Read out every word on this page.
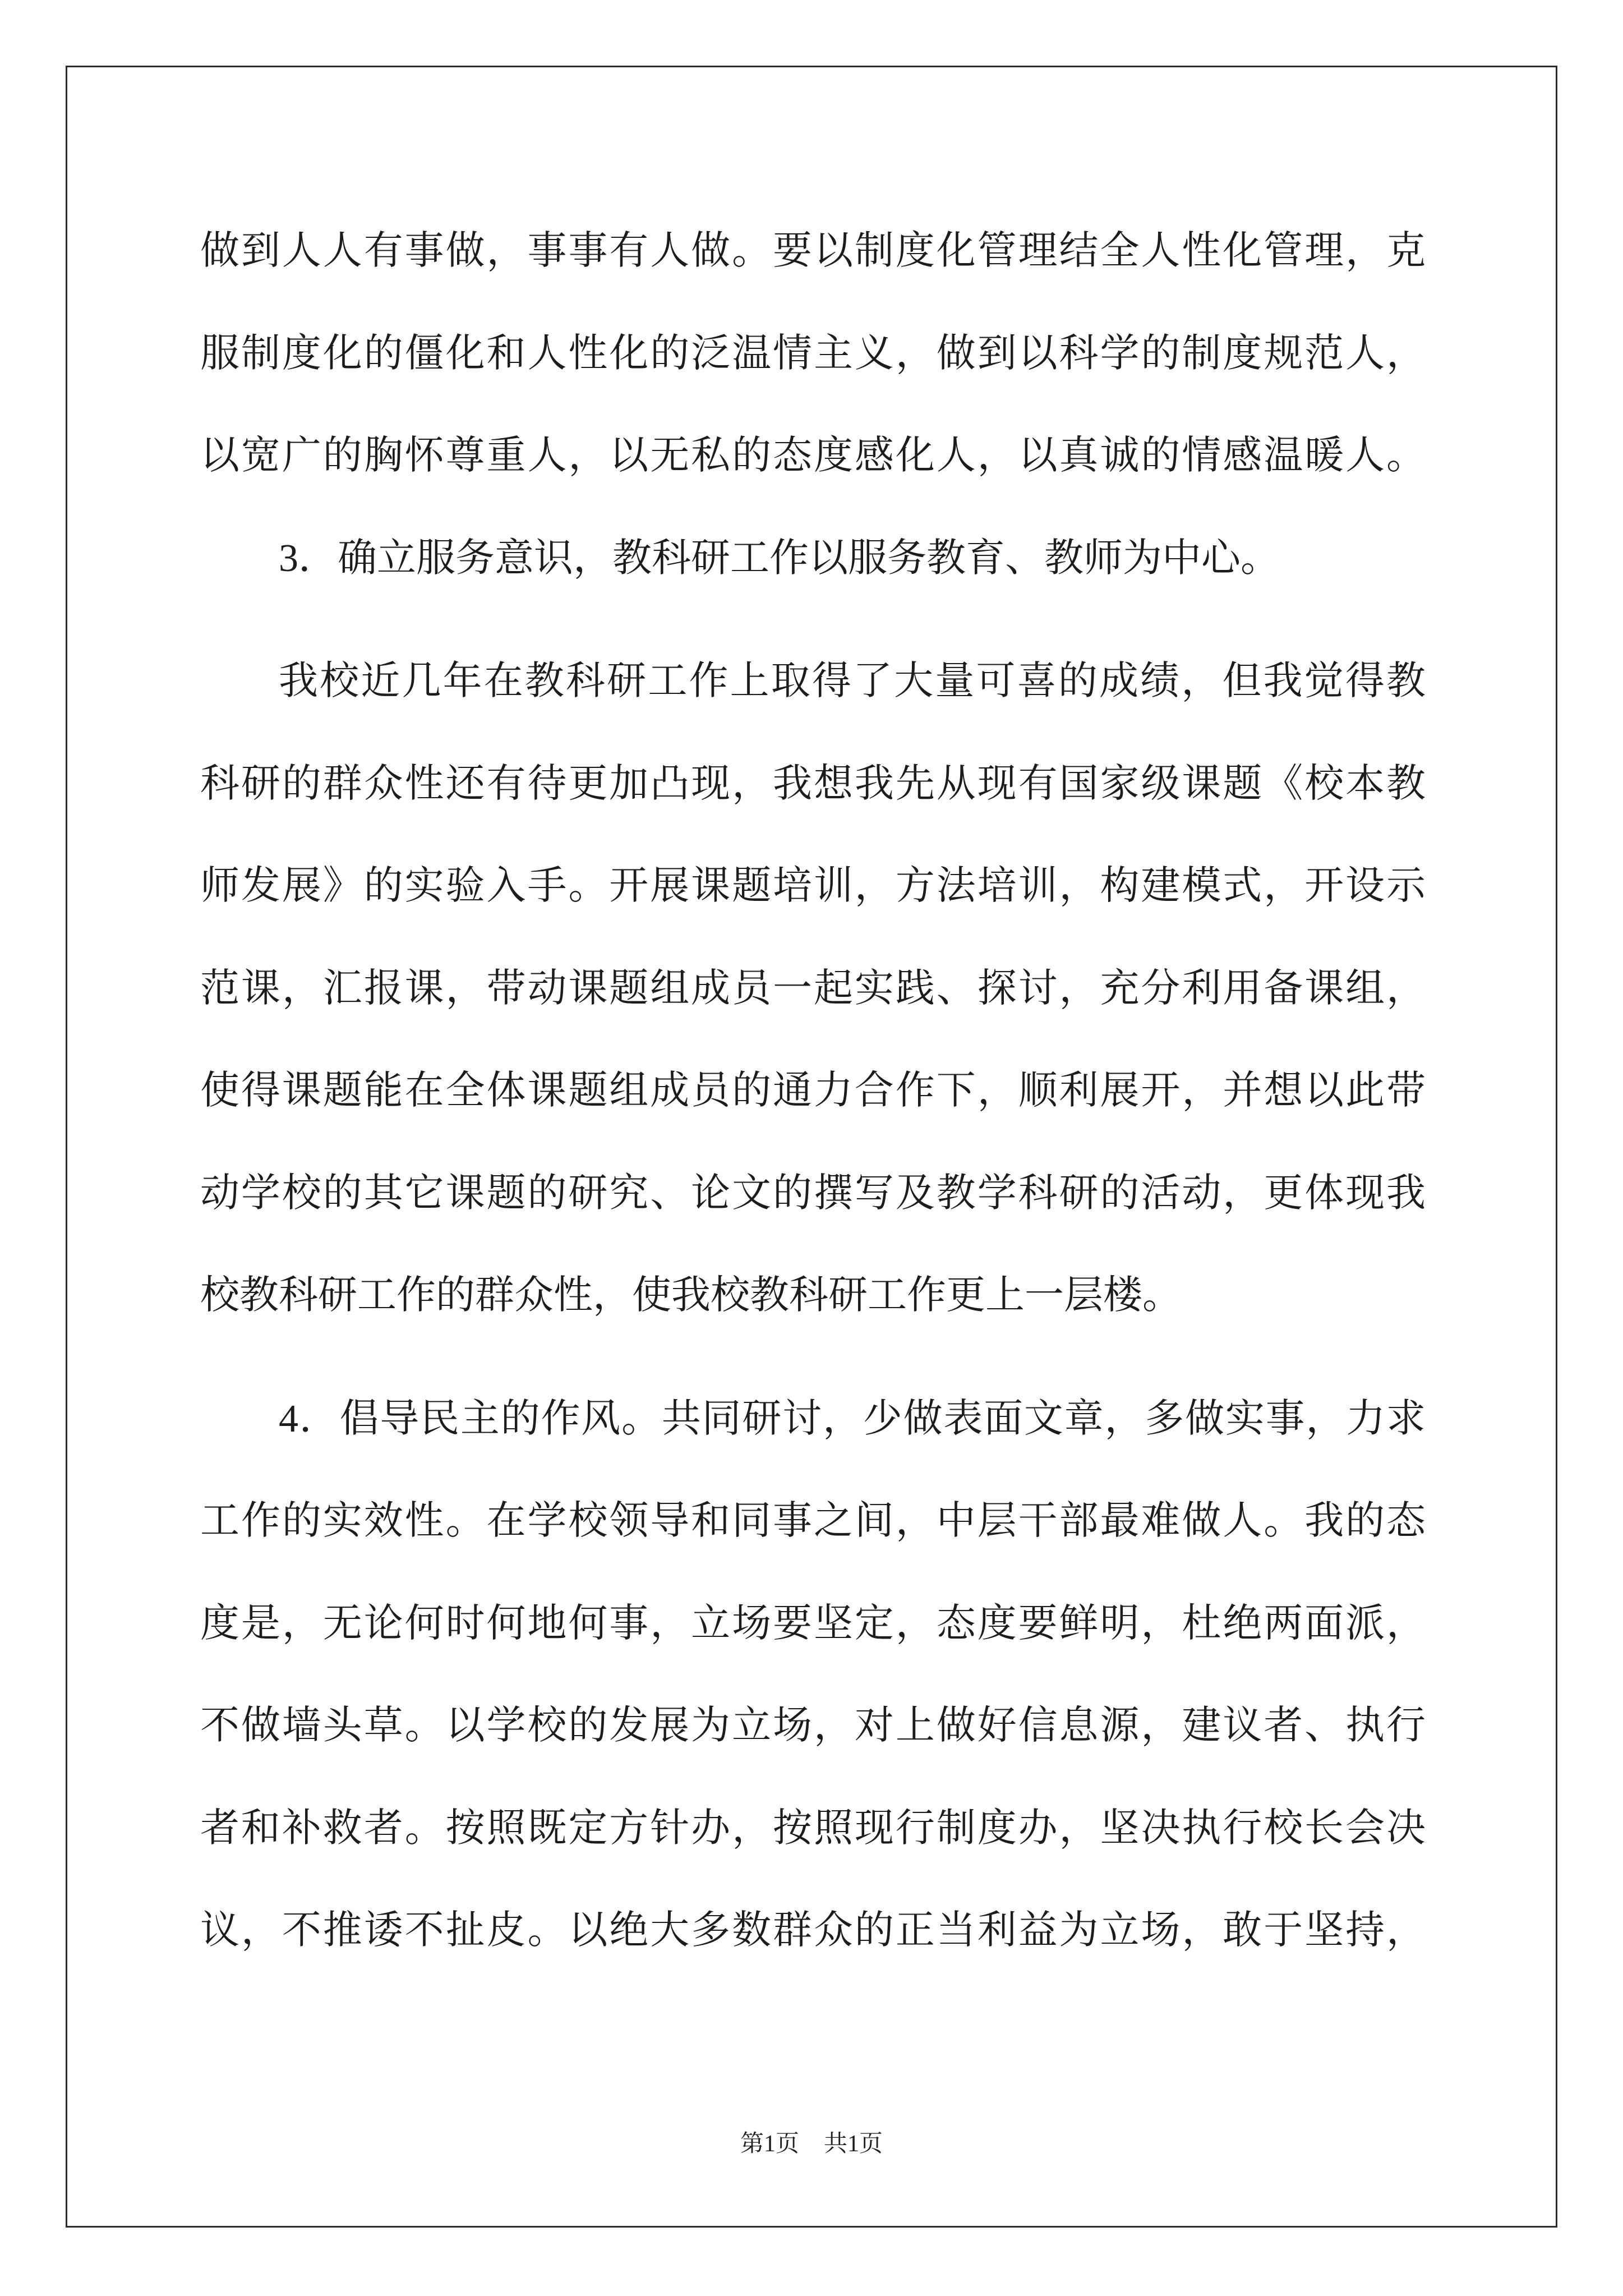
做到人人有事做，事事有人做。要以制度化管理结全人性化管理，克
服制度化的僵化和人性化的泛温情主义，做到以科学的制度规范人，
以宽广的胸怀尊重人，以无私的态度感化人，以真诚的情感温暖人。
3．确立服务意识，教科研工作以服务教育、教师为中心。
我校近几年在教科研工作上取得了大量可喜的成绩，但我觉得教
科研的群众性还有待更加凸现，我想我先从现有国家级课题《校本教
师发展》的实验入手。开展课题培训，方法培训，构建模式，开设示
范课，汇报课，带动课题组成员一起实践、探讨，充分利用备课组，
使得课题能在全体课题组成员的通力合作下，顺利展开，并想以此带
动学校的其它课题的研究、论文的撰写及教学科研的活动，更体现我
校教科研工作的群众性，使我校教科研工作更上一层楼。
4．倡导民主的作风。共同研讨，少做表面文章，多做实事，力求
工作的实效性。在学校领导和同事之间，中层干部最难做人。我的态
度是，无论何时何地何事，立场要坚定，态度要鲜明，杜绝两面派，
不做墙头草。以学校的发展为立场，对上做好信息源，建议者、执行
者和补救者。按照既定方针办，按照现行制度办，坚决执行校长会决
议，不推诿不扯皮。以绝大多数群众的正当利益为立场，敢于坚持，
第1页 共1页
